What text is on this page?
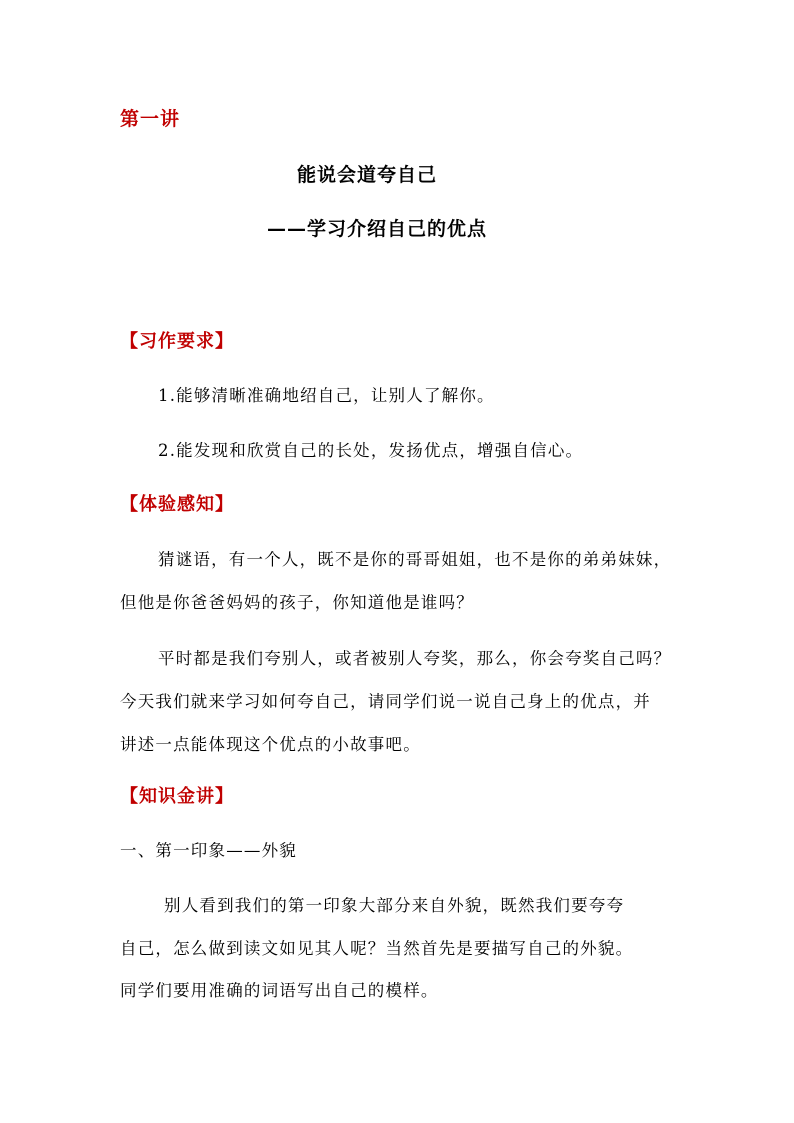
第一讲
能说会道夸自己
——学习介绍自己的优点
【习作要求】
1.能够清晰准确地绍自己，让别人了解你。
2.能发现和欣赏自己的长处，发扬优点，增强自信心。
【体验感知】
猜谜语，有一个人，既不是你的哥哥姐姐，也不是你的弟弟妹妹，
但他是你爸爸妈妈的孩子，你知道他是谁吗？
平时都是我们夸别人，或者被别人夸奖，那么，你会夸奖自己吗？
今天我们就来学习如何夸自己，请同学们说一说自己身上的优点，并
讲述一点能体现这个优点的小故事吧。
【知识金讲】
一、第一印象——外貌
别人看到我们的第一印象大部分来自外貌，既然我们要夸夸
自己，怎么做到读文如见其人呢？当然首先是要描写自己的外貌。
同学们要用准确的词语写出自己的模样。
